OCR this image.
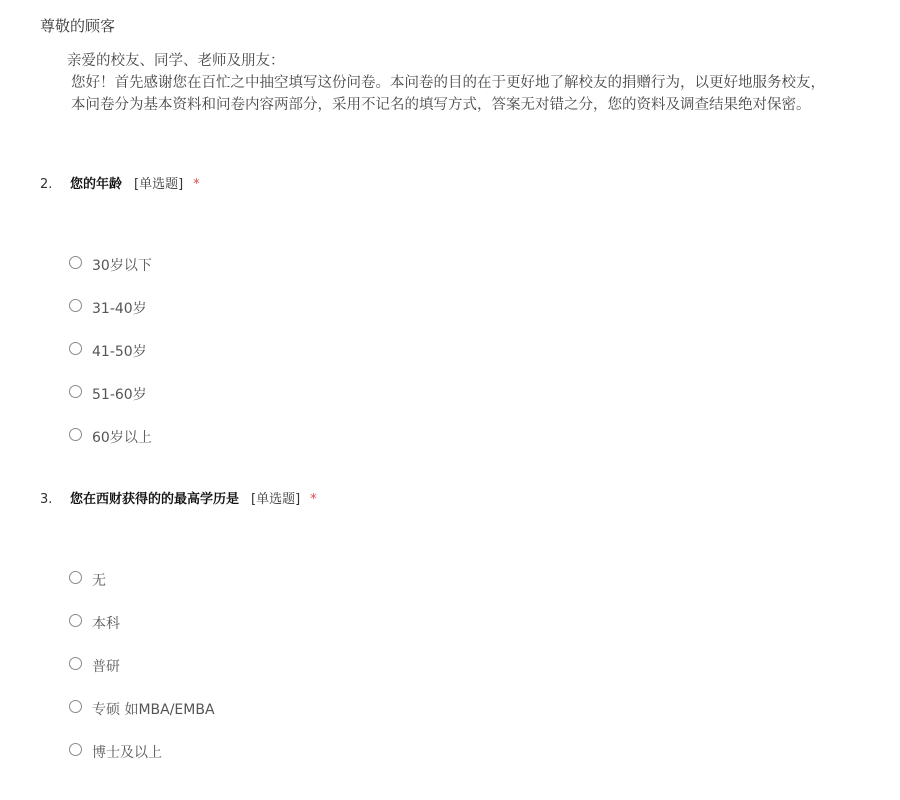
尊敬的顾客
亲爱的校友、同学、老师及朋友：
您好！首先感谢您在百忙之中抽空填写这份问卷。本问卷的目的在于更好地了解校友的捐赠行为，以更好地服务校友，
本问卷分为基本资料和问卷内容两部分，采用不记名的填写方式，答案无对错之分，您的资料及调查结果绝对保密。
2. 您的年龄 [单选题] *
30岁以下
31-40岁
41-50岁
51-60岁
60岁以上
3. 您在西财获得的的最高学历是 [单选题] *
无
本科
普研
专硕 如MBA/EMBA
博士及以上
